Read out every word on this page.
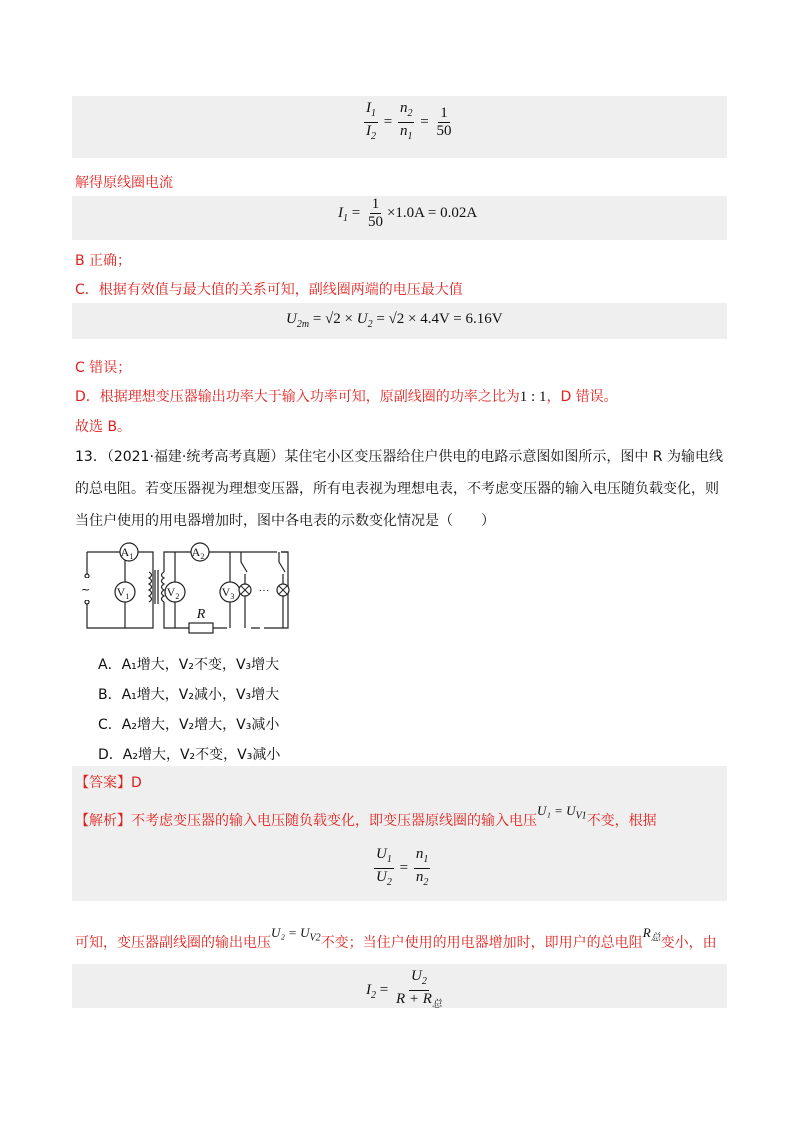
$\frac{I_1}{I_2} = \frac{n_2}{n_1} = \frac{1}{50}$
解得原线圈电流
$I_1 = \frac{1}{50} \times 1.0A = 0.02A$
B 正确；
C．根据有效值与最大值的关系可知，副线圈两端的电压最大值
$U_{2m} = √2 \times U_2 = √2 \times 4.4V = 6.16V$
C 错误；
D．根据理想变压器输出功率大于输入功率可知，原副线圈的功率之比为1 : 1，D 错误。
故选 B。
13．（2021·福建·统考高考真题）某住宅小区变压器给住户供电的电路示意图如图所示，图中 R 为输电线
的总电阻。若变压器视为理想变压器，所有电表视为理想电表，不考虑变压器的输入电压随负载变化，则
当住户使用的用电器增加时，图中各电表的示数变化情况是（　　）
~
$A_1$	$A_2$
$V_1$	$V_2$	$V_3$
R
···
A．A₁增大，V₂不变，V₃增大
B．A₁增大，V₂减小，V₃增大
C．A₂增大，V₂增大，V₃减小
D．A₂增大，V₂不变，V₃减小
【答案】D
【解析】不考虑变压器的输入电压随负载变化，即变压器原线圈的输入电压$U_1 = U_{V1}$不变，根据
$\frac{U_1}{U_2} = \frac{n_1}{n_2}$
可知，变压器副线圈的输出电压$U_2 = U_{V2}$不变；当住户使用的用电器增加时，即用户的总电阻$R_总$变小，由
$I_2 = \frac{U_2}{R + R_总}$
